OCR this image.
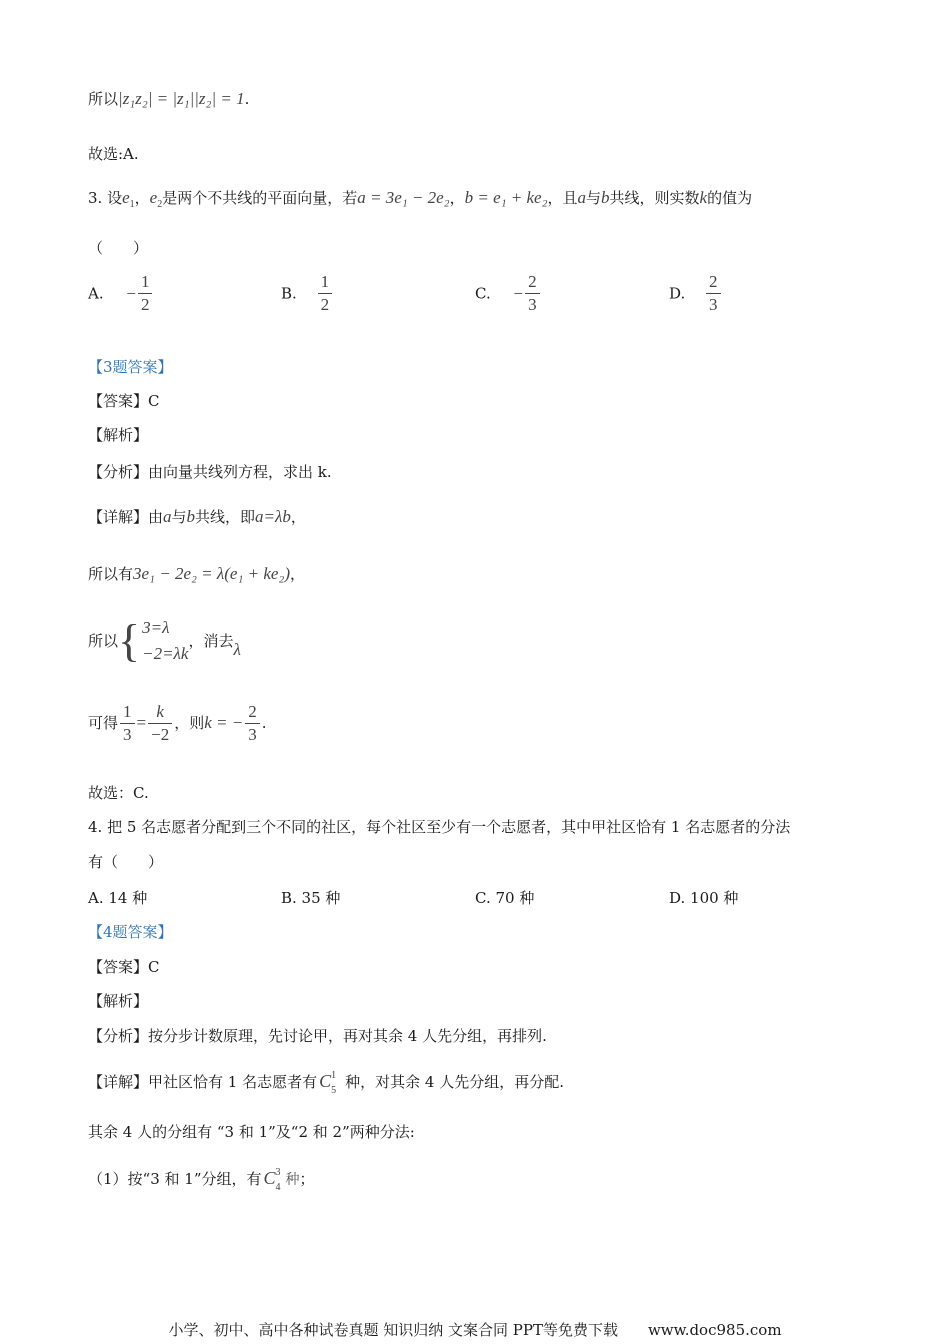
所以|z₁z₂| = |z₁||z₂| = 1.
故选:A.
3. 设$e_1$，$e_2$是两个不共线的平面向量，若a = 3e₁ − 2e₂，b = e₁ + ke₂，且a与b共线，则实数k的值为
（　　）
A. − $\frac{1}{2}$	B. $\frac{1}{2}$	C. − $\frac{2}{3}$	D. $\frac{2}{3}$
【3题答案】
【答案】C
【解析】
【分析】由向量共线列方程，求出 k.
【详解】由a与b共线，即a=λb，
所以有3e₁ − 2e₂ = λ(e₁ + ke₂)，
所以{ 3=λ
−2=λk
，消去λ
可得 $\frac{1}{3} = \frac{k}{-2}$ ，则k = − $\frac{2}{3}$ .
故选：C.
4. 把 5 名志愿者分配到三个不同的社区，每个社区至少有一个志愿者，其中甲社区恰有 1 名志愿者的分法
有（　　）
A. 14 种	B. 35 种	C. 70 种	D. 100 种
【4题答案】
【答案】C
【解析】
【分析】按分步计数原理，先讨论甲，再对其余 4 人先分组，再排列.
【详解】甲社区恰有 1 名志愿者有 C 1
5 种，对其余 4 人先分组，再分配.
其余 4 人的分组有 “3 和 1”及“2 和 2”两种分法:
（1）按“3 和 1”分组，有 C 3
4 种；
小学、初中、高中各种试卷真题 知识归纳 文案合同 PPT等免费下载　　www.doc985.com
